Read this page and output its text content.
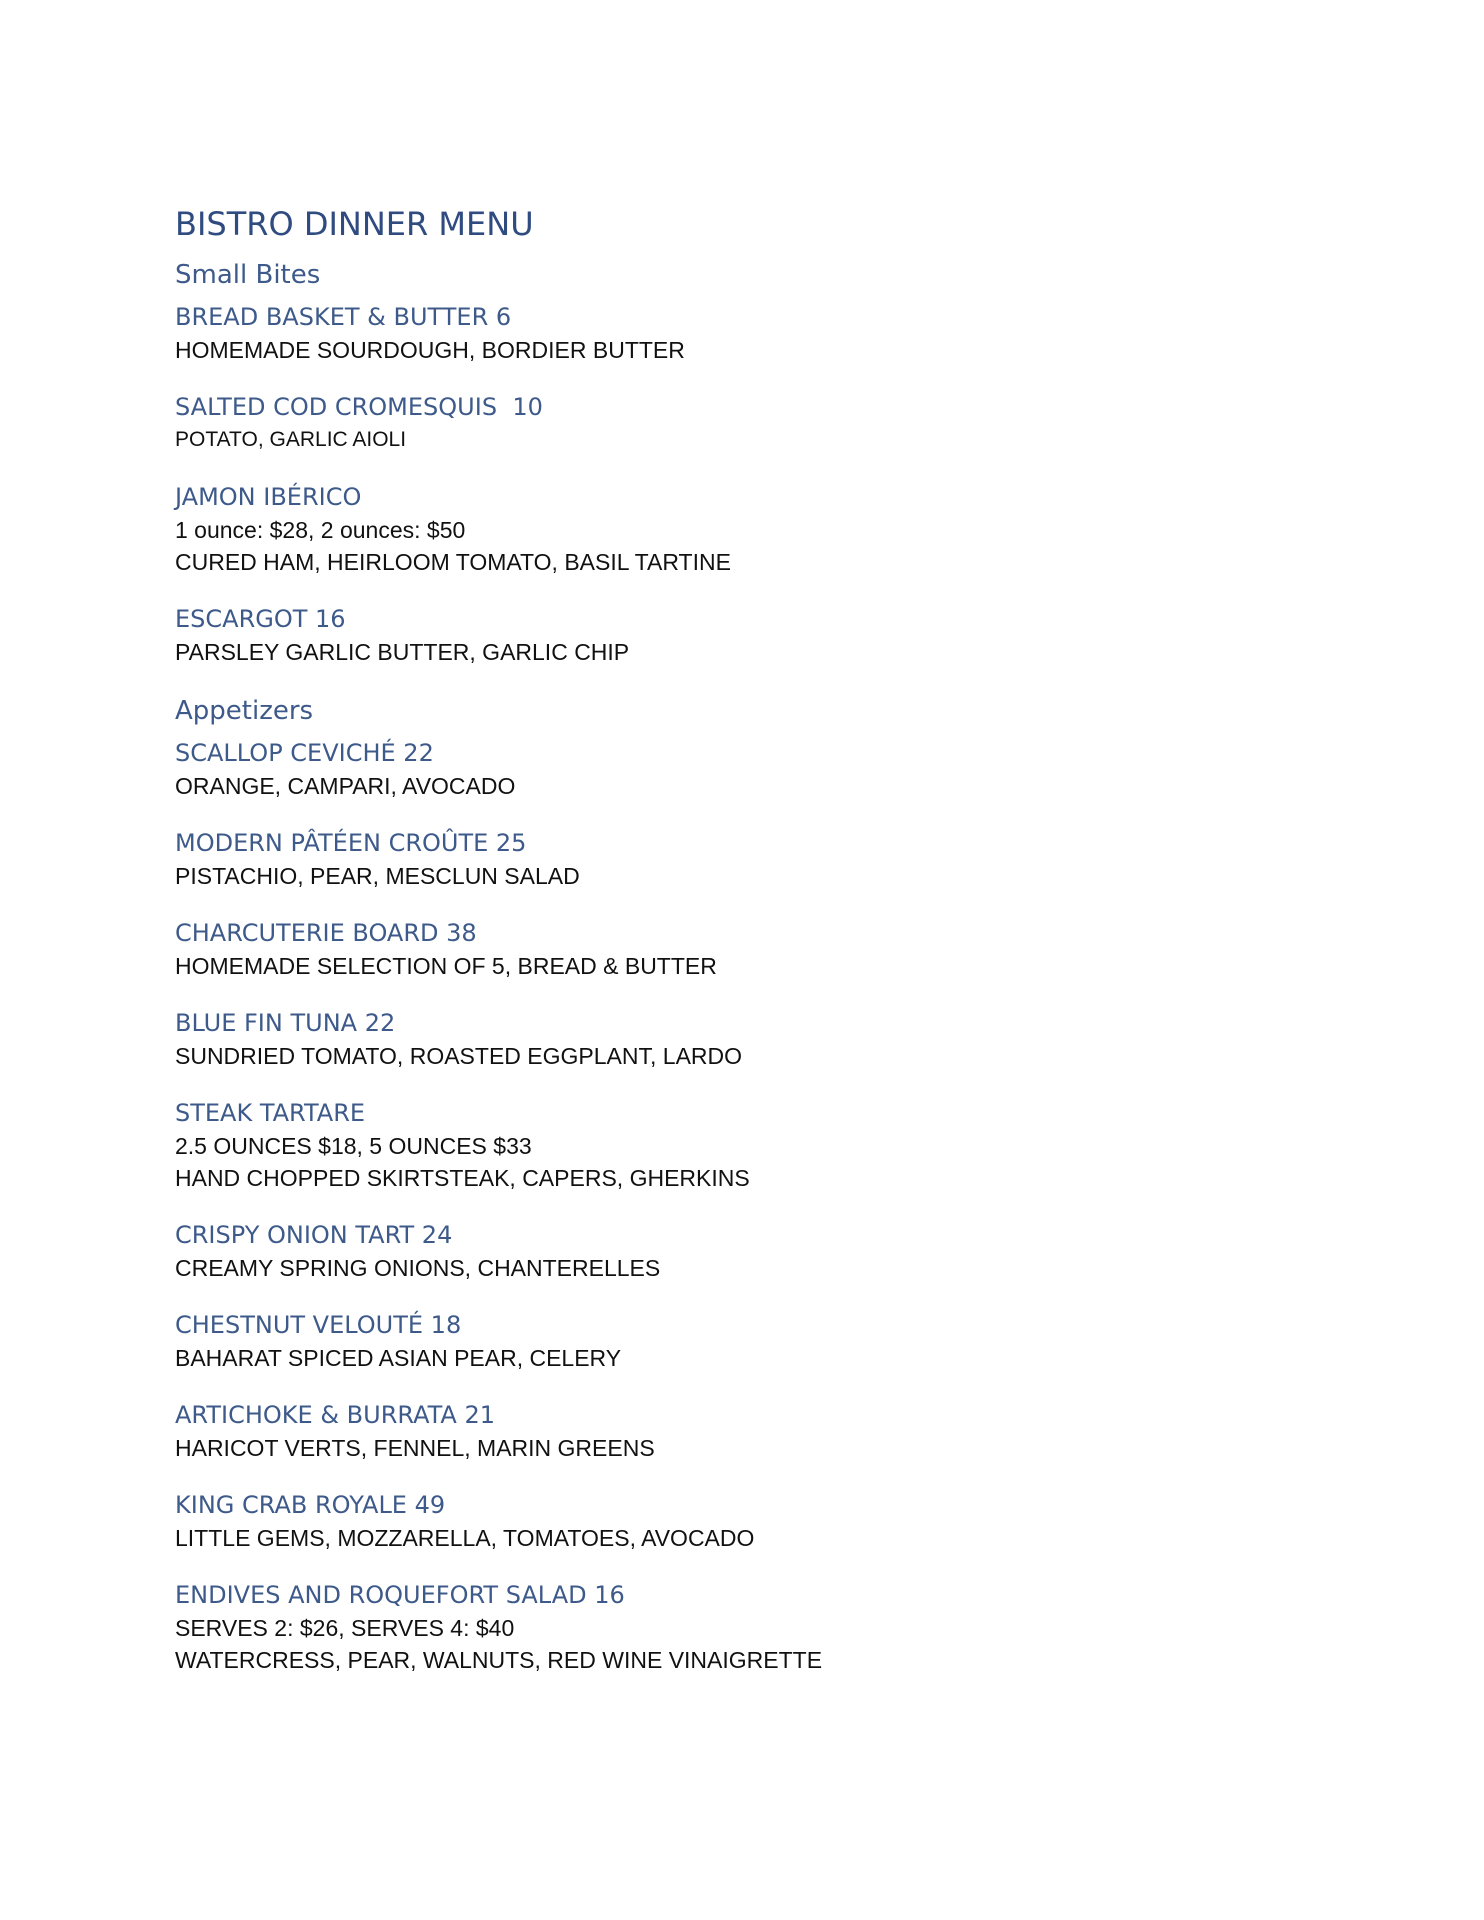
BISTRO DINNER MENU
Small Bites
BREAD BASKET & BUTTER 6
HOMEMADE SOURDOUGH, BORDIER BUTTER
SALTED COD CROMESQUIS  10
POTATO, GARLIC AIOLI
JAMON IBÉRICO
1 ounce: $28, 2 ounces: $50
CURED HAM, HEIRLOOM TOMATO, BASIL TARTINE
ESCARGOT 16
PARSLEY GARLIC BUTTER, GARLIC CHIP
Appetizers
SCALLOP CEVICHÉ 22
ORANGE, CAMPARI, AVOCADO
MODERN PÂTÉEN CROÛTE 25
PISTACHIO, PEAR, MESCLUN SALAD
CHARCUTERIE BOARD 38
HOMEMADE SELECTION OF 5, BREAD & BUTTER
BLUE FIN TUNA 22
SUNDRIED TOMATO, ROASTED EGGPLANT, LARDO
STEAK TARTARE
2.5 OUNCES $18, 5 OUNCES $33
HAND CHOPPED SKIRTSTEAK, CAPERS, GHERKINS
CRISPY ONION TART 24
CREAMY SPRING ONIONS, CHANTERELLES
CHESTNUT VELOUTÉ 18
BAHARAT SPICED ASIAN PEAR, CELERY
ARTICHOKE & BURRATA 21
HARICOT VERTS, FENNEL, MARIN GREENS
KING CRAB ROYALE 49
LITTLE GEMS, MOZZARELLA, TOMATOES, AVOCADO
ENDIVES AND ROQUEFORT SALAD 16
SERVES 2: $26, SERVES 4: $40
WATERCRESS, PEAR, WALNUTS, RED WINE VINAIGRETTE
